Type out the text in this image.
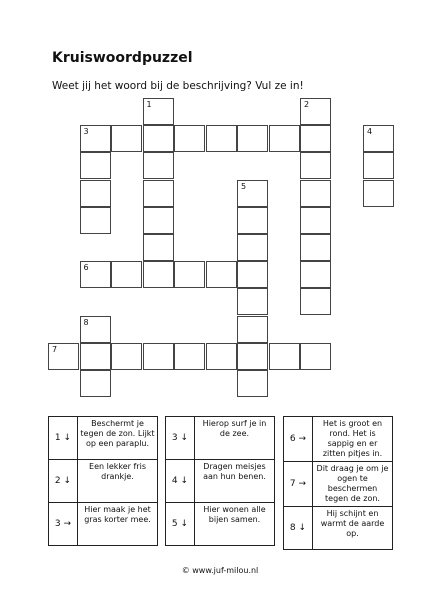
Kruiswoordpuzzel
Weet jij het woord bij de beschrijving? Vul ze in!
1	2
3	4
5
6
8
7
1 ↓	Beschermt je tegen de zon. Lijkt op een paraplu.
2 ↓	Een lekker fris drankje.
3 →	Hier maak je het gras korter mee.
3 ↓	Hierop surf je in de zee.
4 ↓	Dragen meisjes aan hun benen.
5 ↓	Hier wonen alle bijen samen.
6 →	Het is groot en rond. Het is sappig en er zitten pitjes in.
7 →	Dit draag je om je ogen te beschermen tegen de zon.
8 ↓	Hij schijnt en warmt de aarde op.
© www.juf-milou.nl
